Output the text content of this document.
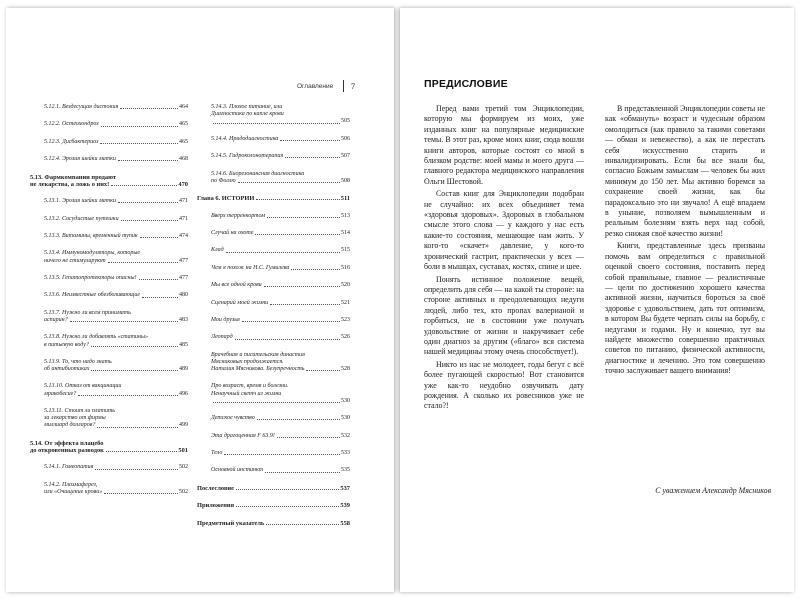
Оглавление 7
5.12.1. Вездесущая дистония	464
5.12.2. Остеохондроз	465
5.12.3. Дисбактериоз	465
5.12.4. Эрозия шейки матки	468
5.13. Фармкомпании продают
не лекарства, а ложь о них!	470
5.13.1. Эрозия шейки матки	471
5.13.2. Сосудистые путешки	471
5.13.3. Витамины, временный тупик	474
5.13.4. Иммуномодуляторы, которые
ничего не стимулируют	477
5.13.5. Гепатопротекторы опасны!	477
5.13.6. Неизвестные обезболивающие	480
5.13.7. Нужно ли всем принимать
аспирин?	483
5.13.8. Нужно ли добавлять «статины»
в питьевую воду?	485
5.13.9. То, что надо знать
об антибиотиках	489
5.13.10. Отказ от вакцинации
мракобесие?	496
5.13.11. Стоит ли платить
за лекарство от фирмы
миллиард долларов?	499
5.14. От эффекта плацебо
до откровенных разводок	501
5.14.1. Гомеопатия	502
5.14.2. Плазмаферез,
или «Очищение крови»	502
5.14.3. Плохое питание, или
Диагностика по капле крови
505
5.14.4. Иридодиагностика	506
5.14.5. Гидроколонотерапия	507
5.14.6. Биорезонансная диагностика
по Фоллю	508
Глава 6. ИСТОРИИ	511
Вверх терренкортом	513
Случай на охоте	514
Клад	515
Чем я похож на Н.С. Гумилева	516
Мы все одной крови	520
Сценарий моей жизни	521
Мои друзья	523
Леопард	526
Врачебная и писательская династия
Мясниковых продолжается.
Наталия Мясникова. Безупречность	528
Про возраст, время и болезни.
Ненаучный скетч из жизни
530
Детское чувство	530
Эта драгоценная F 63.9!	532
Тело	533
Основной инстинкт	535
Послесловие	537
Приложения	539
Предметный указатель	558
ПРЕДИСЛОВИЕ

Перед вами третий том Энциклопедии, которую мы формируем из моих, уже изданных книг на популярные медицинские темы. В этот раз, кроме моих книг, сюда вошли книги авторов, которые состоят со мной в близком родстве: моей мамы и моего друга — главного редактора медицинского направления Ольги Шестовой.

Состав книг для Энциклопедии подобран не случайно: их всех объединяет тема «здоровья здоровых». Здоровых в глобальном смысле этого слова — у каждого у нас есть какие-то состояния, мешающие нам жить. У кого-то «скачет» давление, у кого-то хронический гастрит, практически у всех — боли в мышцах, суставах, костях, спине и шее.

Понять истинное положение вещей, определить для себя — на какой ты стороне: на стороне активных и преодолевающих недуги людей, либо тех, кто пропах валерианой и горбиться, не в состоянии уже получать удовольствие от жизни и накручивает себе один диагноз за другим («благо» вся система нашей медицины этому очень способствует!).

Никто из нас не молодеет, годы бегут с всё более пугающей скоростью! Вот становится уже как-то неудобно озвучивать дату рождения. А сколько их ровесников уже не стало?!

В представленной Энциклопедии советы не как «обмануть» возраст и чудесным образом омолодиться (как правило за такими советами — обман и невежество), а как не перестать себя искусственно старить и инвалидизировать. Если бы все знали бы, согласно Божьим замыслам — человек бы жил минимум до 150 лет. Мы активно боремся за сохранение своей жизни, как бы парадоксально это ни звучало! А ещё впадаем в уныние, позволяем вымышленным и реальным болезням взять верх над собой, резко снижая своё качество жизни!

Книги, представленные здесь призваны помочь вам определиться с правильной оценкой своего состояния, поставить перед собой правильные, главное — реалистичные — цели по достижению хорошего качества активной жизни, научиться бороться за своё здоровье с удовольствием, дать тот оптимизм, в котором Вы будете черпать силы на борьбу, с недугами и годами. Ну и конечно, тут вы найдете множество совершенно практичных советов по питанию, физической активности, диагностике и лечению. Это том совершенно точно заслуживает вашего внимания!

С уважением Александр Мясников
